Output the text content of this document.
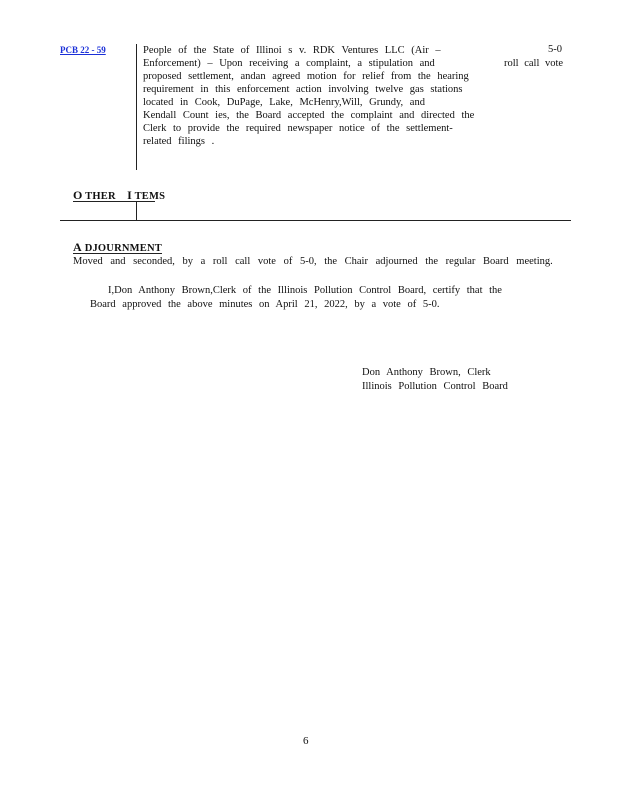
PCB 22 - 59	People of the State of Illinoi s v. RDK Ventures LLC (Air –
Enforcement) – Upon receiving a complaint, a stipulation and
proposed settlement, andan agreed motion for relief from the hearing
requirement in this enforcement action involving twelve gas stations
located in Cook, DuPage, Lake, McHenry,Will, Grundy, and
Kendall Count ies, the Board accepted the complaint and directed the
Clerk to provide the required newspaper notice of the settlement-
related filings .
5-0
roll call vote
O THER I TEMS
A DJOURNMENT
Moved and seconded, by a roll call vote of 5-0, the Chair adjourned the regular Board meeting.
I,Don Anthony Brown,Clerk of the Illinois Pollution Control Board, certify that the
Board approved the above minutes on April 21, 2022, by a vote of 5-0.
Don Anthony Brown, Clerk
Illinois Pollution Control Board
6
